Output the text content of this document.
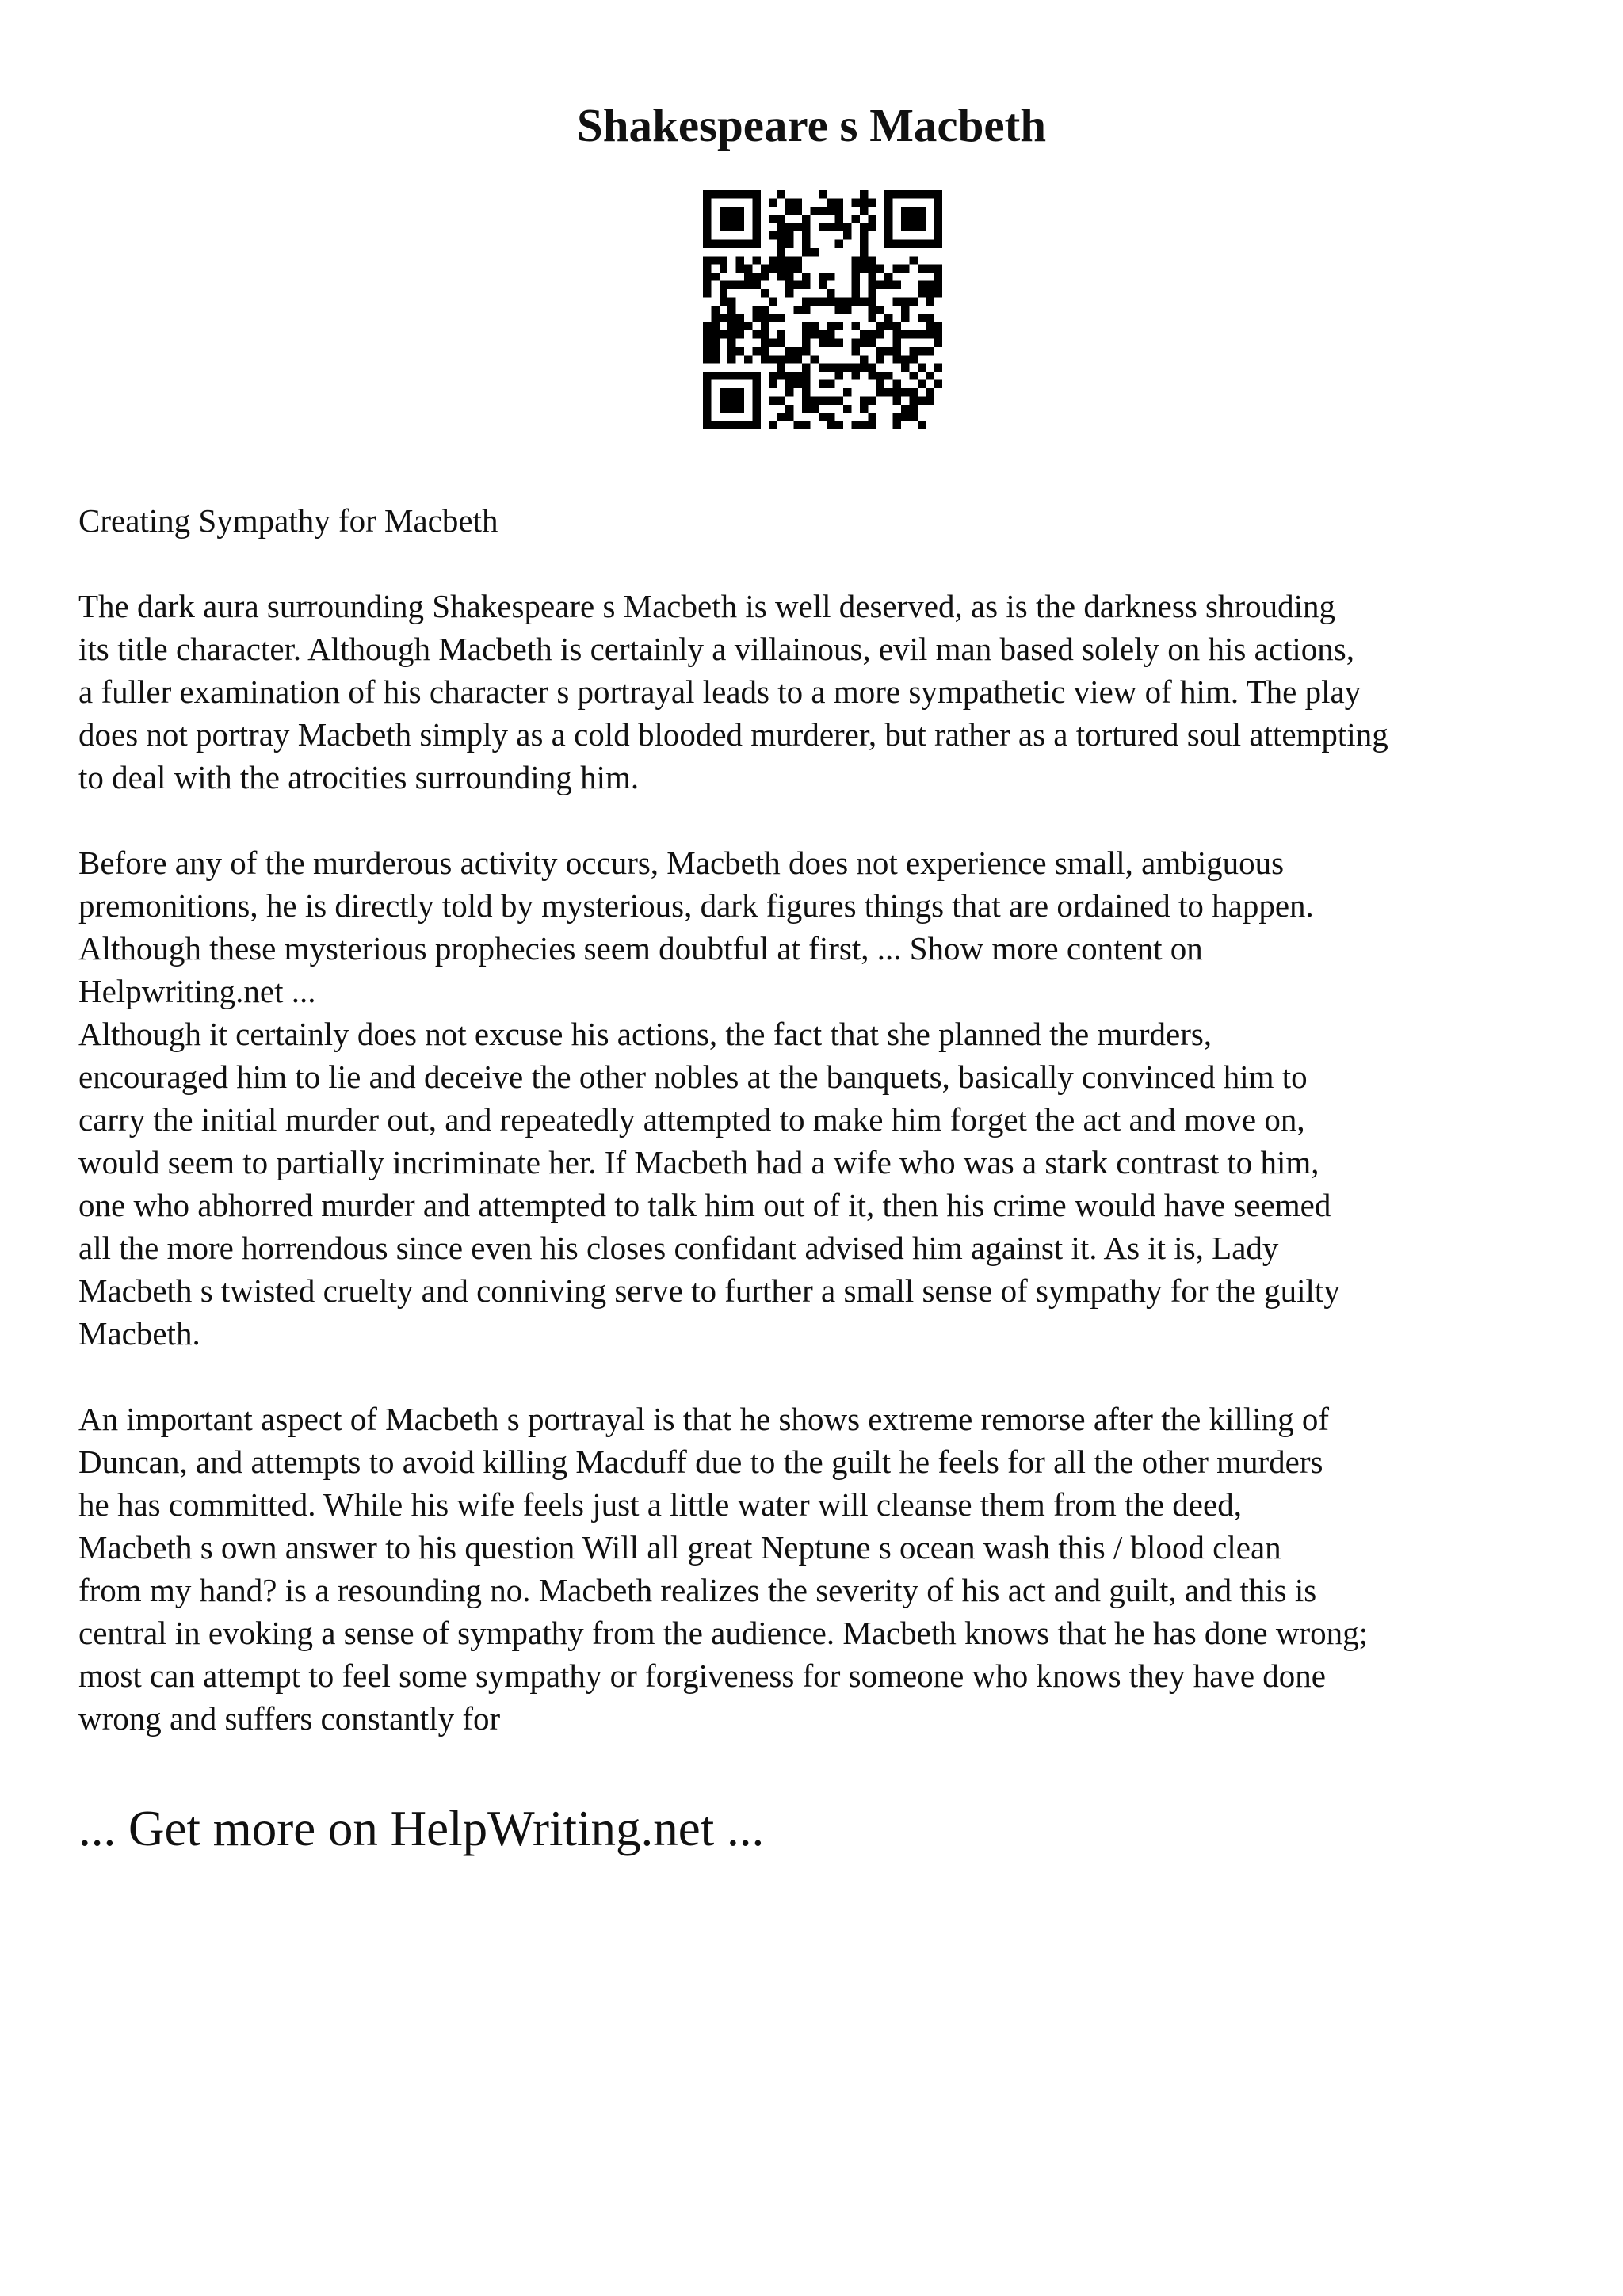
Shakespeare s Macbeth

Creating Sympathy for Macbeth

The dark aura surrounding Shakespeare s Macbeth is well deserved, as is the darkness shrouding
its title character. Although Macbeth is certainly a villainous, evil man based solely on his actions,
a fuller examination of his character s portrayal leads to a more sympathetic view of him. The play
does not portray Macbeth simply as a cold blooded murderer, but rather as a tortured soul attempting
to deal with the atrocities surrounding him.

Before any of the murderous activity occurs, Macbeth does not experience small, ambiguous
premonitions, he is directly told by mysterious, dark figures things that are ordained to happen.
Although these mysterious prophecies seem doubtful at first, ... Show more content on
Helpwriting.net ...

Although it certainly does not excuse his actions, the fact that she planned the murders,
encouraged him to lie and deceive the other nobles at the banquets, basically convinced him to
carry the initial murder out, and repeatedly attempted to make him forget the act and move on,
would seem to partially incriminate her. If Macbeth had a wife who was a stark contrast to him,
one who abhorred murder and attempted to talk him out of it, then his crime would have seemed
all the more horrendous since even his closes confidant advised him against it. As it is, Lady
Macbeth s twisted cruelty and conniving serve to further a small sense of sympathy for the guilty
Macbeth.

An important aspect of Macbeth s portrayal is that he shows extreme remorse after the killing of
Duncan, and attempts to avoid killing Macduff due to the guilt he feels for all the other murders
he has committed. While his wife feels just a little water will cleanse them from the deed,
Macbeth s own answer to his question Will all great Neptune s ocean wash this / blood clean
from my hand? is a resounding no. Macbeth realizes the severity of his act and guilt, and this is
central in evoking a sense of sympathy from the audience. Macbeth knows that he has done wrong;
most can attempt to feel some sympathy or forgiveness for someone who knows they have done
wrong and suffers constantly for

... Get more on HelpWriting.net ...
